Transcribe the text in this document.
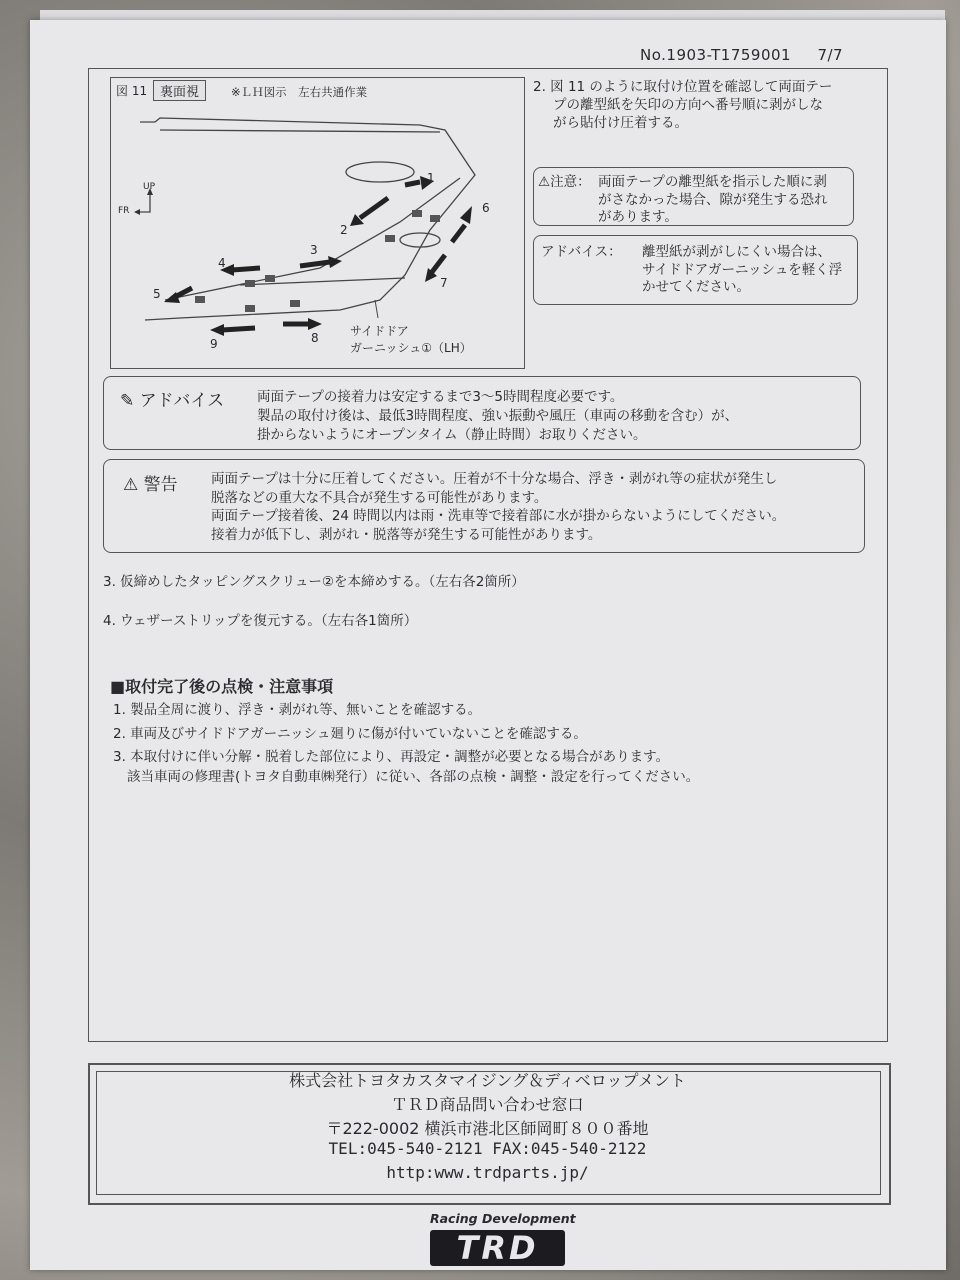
No.1903-T1759001 7/7
図 11 裏面視	※ＬＨ図示　左右共通作業
UP
FR
1
2
3
4
5
6
7
8
9
サイドドア
ガーニッシュ①（LH）
2. 図 11 のように取付け位置を確認して両面テー
プの離型紙を矢印の方向へ番号順に剥がしな
がら貼付け圧着する。
⚠注意： 両面テープの離型紙を指示した順に剥
がさなかった場合、隙が発生する恐れ
があります。
アドバイス： 離型紙が剥がしにくい場合は、
サイドドアガーニッシュを軽く浮
かせてください。
✎ アドバイス 両面テープの接着力は安定するまで3～5時間程度必要です。
製品の取付け後は、最低3時間程度、強い振動や風圧（車両の移動を含む）が、
掛からないようにオープンタイム（静止時間）お取りください。
⚠ 警告 両面テープは十分に圧着してください。圧着が不十分な場合、浮き・剥がれ等の症状が発生し
脱落などの重大な不具合が発生する可能性があります。
両面テープ接着後、24 時間以内は雨・洗車等で接着部に水が掛からないようにしてください。
接着力が低下し、剥がれ・脱落等が発生する可能性があります。
3. 仮締めしたタッピングスクリュー②を本締めする。（左右各2箇所）
4. ウェザーストリップを復元する。（左右各1箇所）
■取付完了後の点検・注意事項
1. 製品全周に渡り、浮き・剥がれ等、無いことを確認する。
2. 車両及びサイドドアガーニッシュ廻りに傷が付いていないことを確認する。
3. 本取付けに伴い分解・脱着した部位により、再設定・調整が必要となる場合があります。
該当車両の修理書(トヨタ自動車㈱発行）に従い、各部の点検・調整・設定を行ってください。
株式会社トヨタカスタマイジング＆ディベロップメント
ＴＲＤ商品問い合わせ窓口
〒222-0002 横浜市港北区師岡町８００番地
TEL:045-540-2121 FAX:045-540-2122
http:www.trdparts.jp/
Racing Development
TRD
